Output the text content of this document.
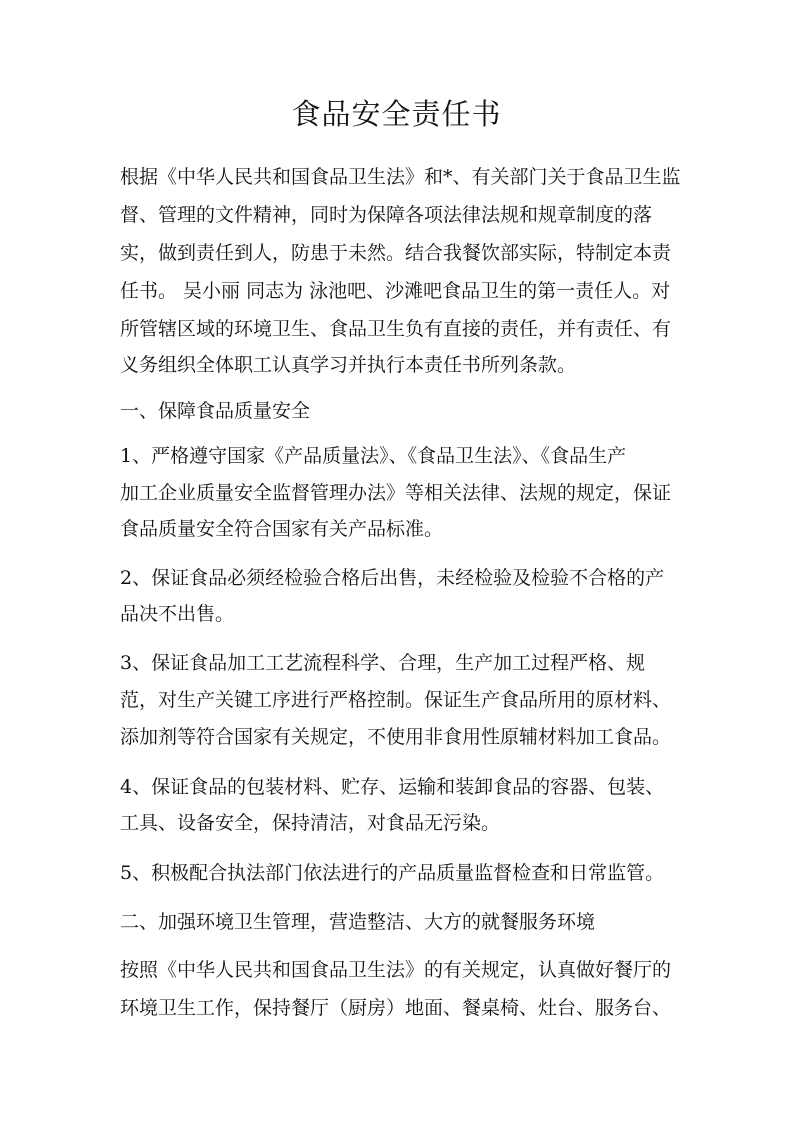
食品安全责任书

根据《中华人民共和国食品卫生法》和*、有关部门关于食品卫生监

督、管理的文件精神，同时为保障各项法律法规和规章制度的落

实，做到责任到人，防患于未然。结合我餐饮部实际，特制定本责

任书。 吴小丽 同志为 泳池吧、沙滩吧食品卫生的第一责任人。对

所管辖区域的环境卫生、食品卫生负有直接的责任，并有责任、有

义务组织全体职工认真学习并执行本责任书所列条款。

一、保障食品质量安全

1、严格遵守国家《产品质量法》、《食品卫生法》、《食品生产

加工企业质量安全监督管理办法》等相关法律、法规的规定，保证

食品质量安全符合国家有关产品标准。

2、保证食品必须经检验合格后出售，未经检验及检验不合格的产

品决不出售。

3、保证食品加工工艺流程科学、合理，生产加工过程严格、规

范，对生产关键工序进行严格控制。保证生产食品所用的原材料、

添加剂等符合国家有关规定，不使用非食用性原辅材料加工食品。

4、保证食品的包装材料、贮存、运输和装卸食品的容器、包装、

工具、设备安全，保持清洁，对食品无污染。

5、积极配合执法部门依法进行的产品质量监督检查和日常监管。

二、加强环境卫生管理，营造整洁、大方的就餐服务环境

按照《中华人民共和国食品卫生法》的有关规定，认真做好餐厅的

环境卫生工作，保持餐厅（厨房）地面、餐桌椅、灶台、服务台、
